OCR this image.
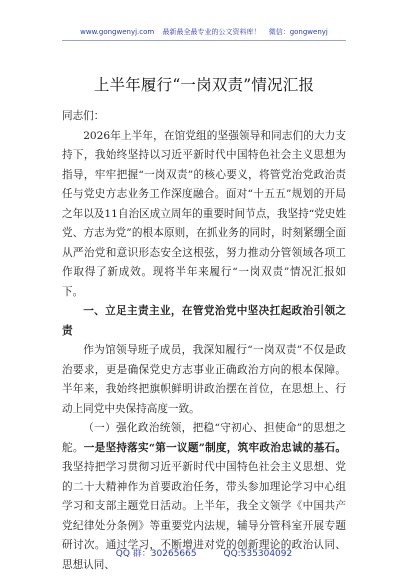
www.gongwenyj.com 最新最全最专业的公文资料库！ 微信：gongwenyj
上半年履行“一岗双责”情况汇报

同志们：

2026年上半年，在馆党组的坚强领导和同志们的大力支持下，我始终坚持以习近平新时代中国特色社会主义思想为指导，牢牢把握“一岗双责”的核心要义，将管党治党政治责任与党史方志业务工作深度融合。面对“十五五”规划的开局之年以及11自治区成立周年的重要时间节点，我坚持“党史姓党、方志为党”的根本原则，在抓业务的同时，时刻紧绷全面从严治党和意识形态安全这根弦，努力推动分管领域各项工作取得了新成效。现将半年来履行“一岗双责”情况汇报如下。

一、立足主责主业，在管党治党中坚决扛起政治引领之责

作为馆领导班子成员，我深知履行“一岗双责”不仅是政治要求，更是确保党史方志事业正确政治方向的根本保障。半年来，我始终把旗帜鲜明讲政治摆在首位，在思想上、行动上同党中央保持高度一致。

（一）强化政治统领，把稳“守初心、担使命”的思想之舵。一是坚持落实“第一议题”制度，筑牢政治忠诚的基石。我坚持把学习贯彻习近平新时代中国特色社会主义思想、党的二十大精神作为首要政治任务，带头参加理论学习中心组学习和支部主题党日活动。上半年，我全文领学《中国共产党纪律处分条例》等重要党内法规，辅导分管科室开展专题研讨次。通过学习，不断增进对党的创新理论的政治认同、思想认同、

QQ 群：30265665	QQ:535304092
